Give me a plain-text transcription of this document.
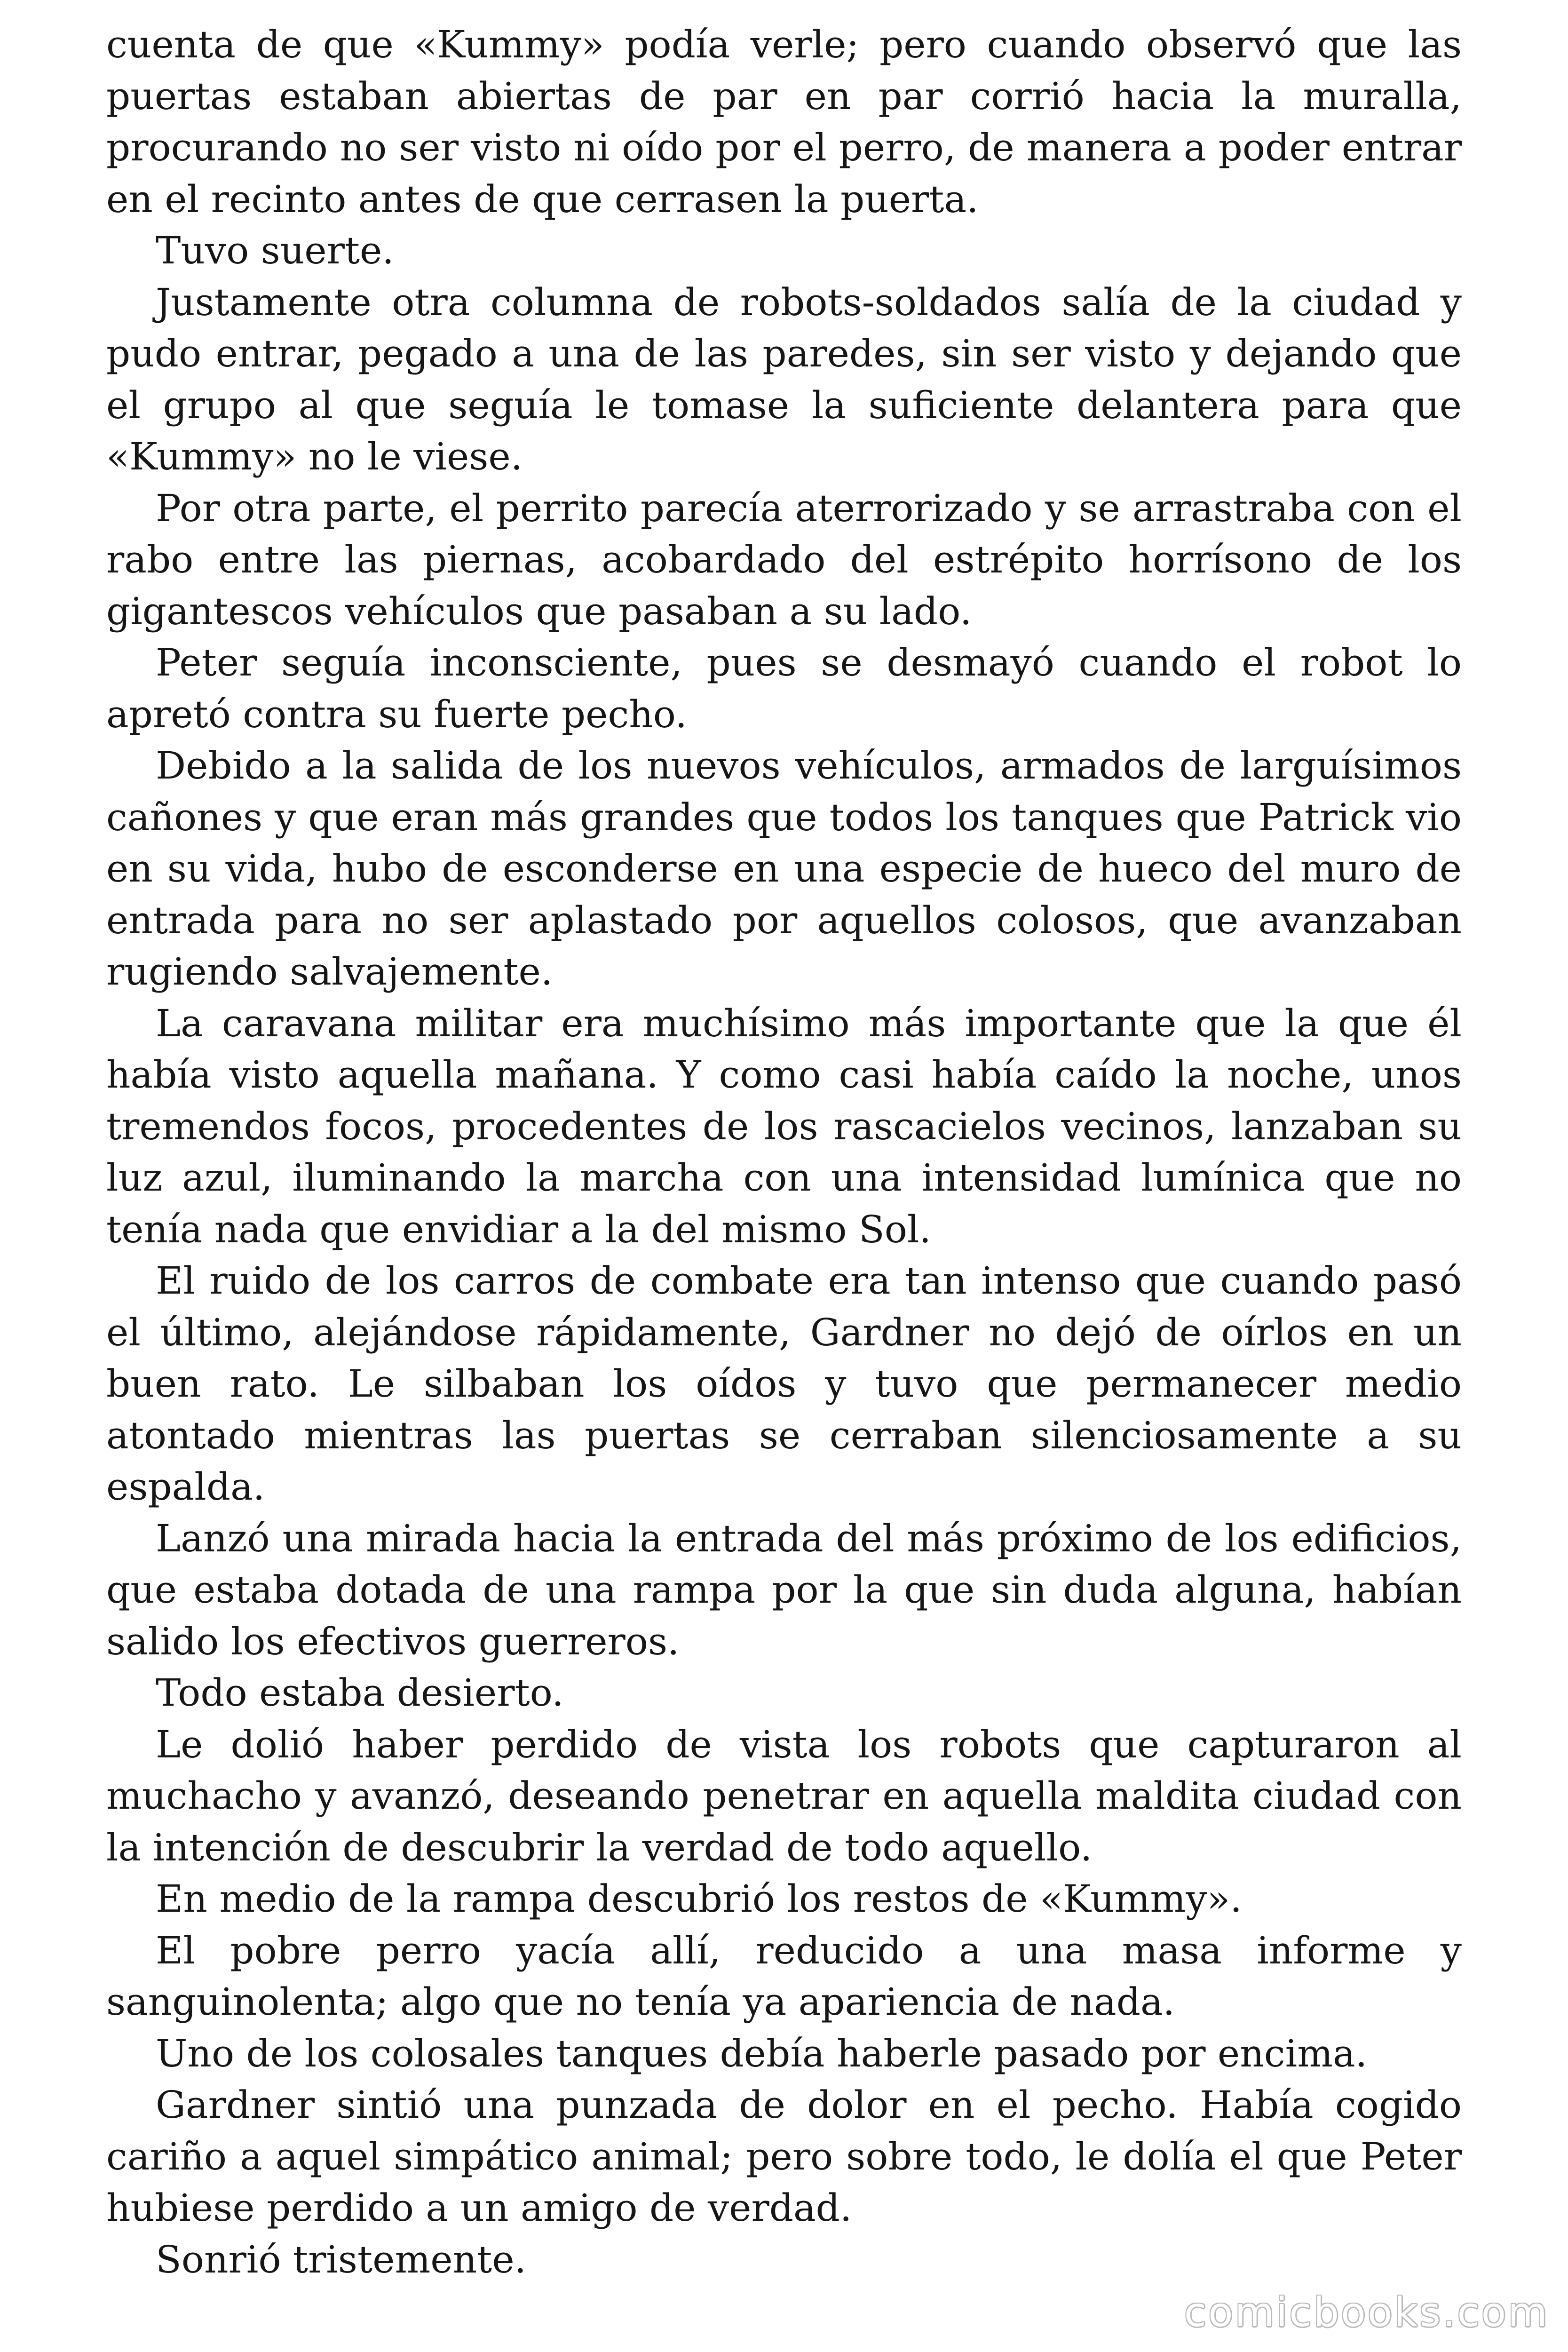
cuenta de que «Kummy» podía verle; pero cuando observó que las puertas estaban abiertas de par en par corrió hacia la muralla, procurando no ser visto ni oído por el perro, de manera a poder entrar en el recinto antes de que cerrasen la puerta.

Tuvo suerte.

Justamente otra columna de robots-soldados salía de la ciudad y pudo entrar, pegado a una de las paredes, sin ser visto y dejando que el grupo al que seguía le tomase la suficiente delantera para que «Kummy» no le viese.

Por otra parte, el perrito parecía aterrorizado y se arrastraba con el rabo entre las piernas, acobardado del estrépito horrísono de los gigantescos vehículos que pasaban a su lado.

Peter seguía inconsciente, pues se desmayó cuando el robot lo apretó contra su fuerte pecho.

Debido a la salida de los nuevos vehículos, armados de larguísimos cañones y que eran más grandes que todos los tanques que Patrick vio en su vida, hubo de esconderse en una especie de hueco del muro de entrada para no ser aplastado por aquellos colosos, que avanzaban rugiendo salvajemente.

La caravana militar era muchísimo más importante que la que él había visto aquella mañana. Y como casi había caído la noche, unos tremendos focos, procedentes de los rascacielos vecinos, lanzaban su luz azul, iluminando la marcha con una intensidad lumínica que no tenía nada que envidiar a la del mismo Sol.

El ruido de los carros de combate era tan intenso que cuando pasó el último, alejándose rápidamente, Gardner no dejó de oírlos en un buen rato. Le silbaban los oídos y tuvo que permanecer medio atontado mientras las puertas se cerraban silenciosamente a su espalda.

Lanzó una mirada hacia la entrada del más próximo de los edificios, que estaba dotada de una rampa por la que sin duda alguna, habían salido los efectivos guerreros.

Todo estaba desierto.

Le dolió haber perdido de vista los robots que capturaron al muchacho y avanzó, deseando penetrar en aquella maldita ciudad con la intención de descubrir la verdad de todo aquello.

En medio de la rampa descubrió los restos de «Kummy».

El pobre perro yacía allí, reducido a una masa informe y sanguinolenta; algo que no tenía ya apariencia de nada.

Uno de los colosales tanques debía haberle pasado por encima.

Gardner sintió una punzada de dolor en el pecho. Había cogido cariño a aquel simpático animal; pero sobre todo, le dolía el que Peter hubiese perdido a un amigo de verdad.

Sonrió tristemente.

comicbooks.com
